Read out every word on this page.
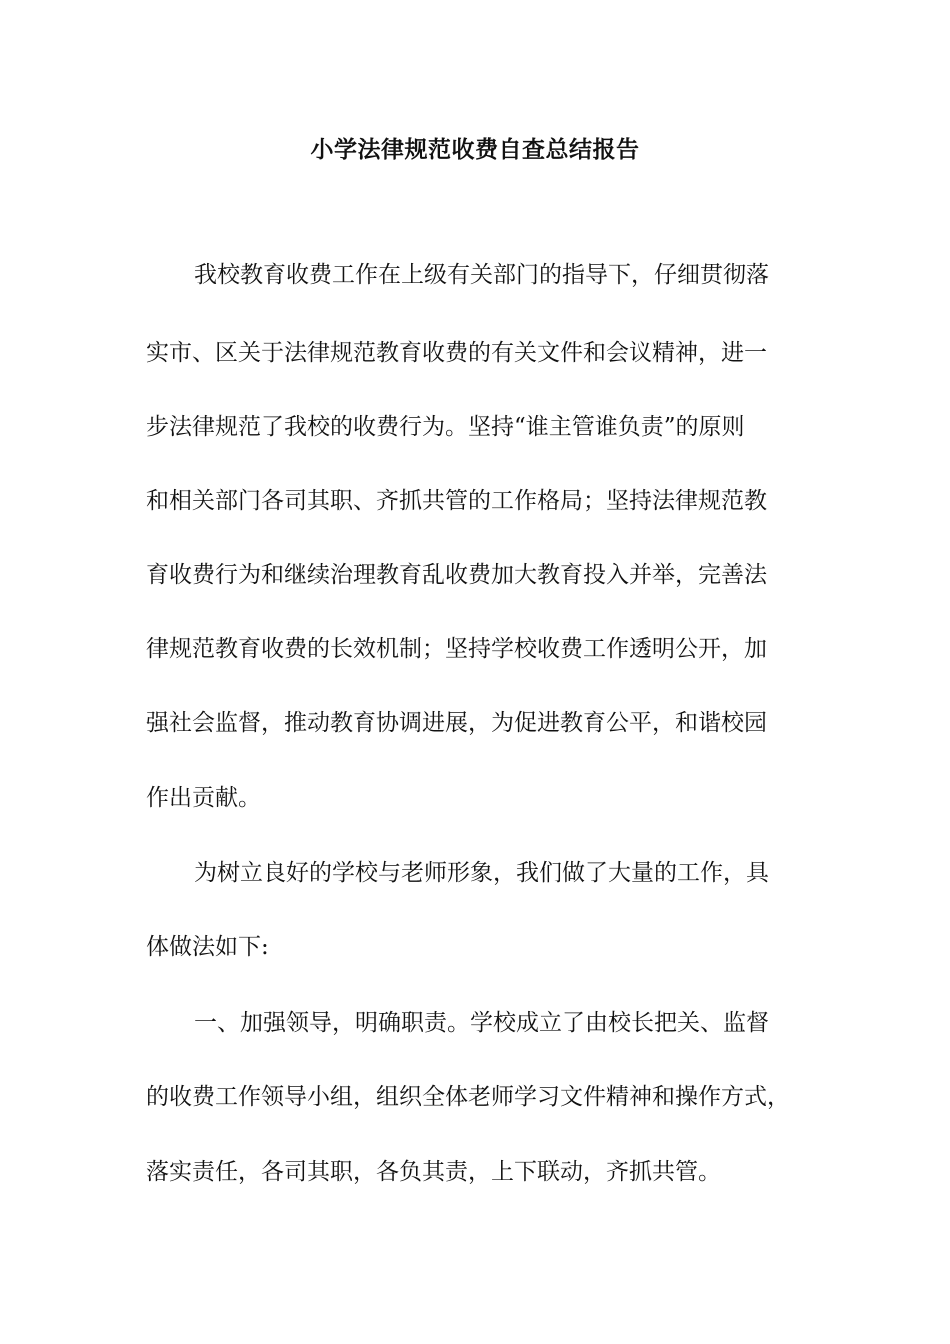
小学法律规范收费自查总结报告
我校教育收费工作在上级有关部门的指导下，仔细贯彻落
实市、区关于法律规范教育收费的有关文件和会议精神，进一
步法律规范了我校的收费行为。坚持“谁主管谁负责”的原则
和相关部门各司其职、齐抓共管的工作格局；坚持法律规范教
育收费行为和继续治理教育乱收费加大教育投入并举，完善法
律规范教育收费的长效机制；坚持学校收费工作透明公开，加
强社会监督，推动教育协调进展，为促进教育公平，和谐校园
作出贡献。
为树立良好的学校与老师形象，我们做了大量的工作，具
体做法如下:
一、加强领导，明确职责。学校成立了由校长把关、监督
的收费工作领导小组，组织全体老师学习文件精神和操作方式，
落实责任，各司其职，各负其责，上下联动，齐抓共管。
